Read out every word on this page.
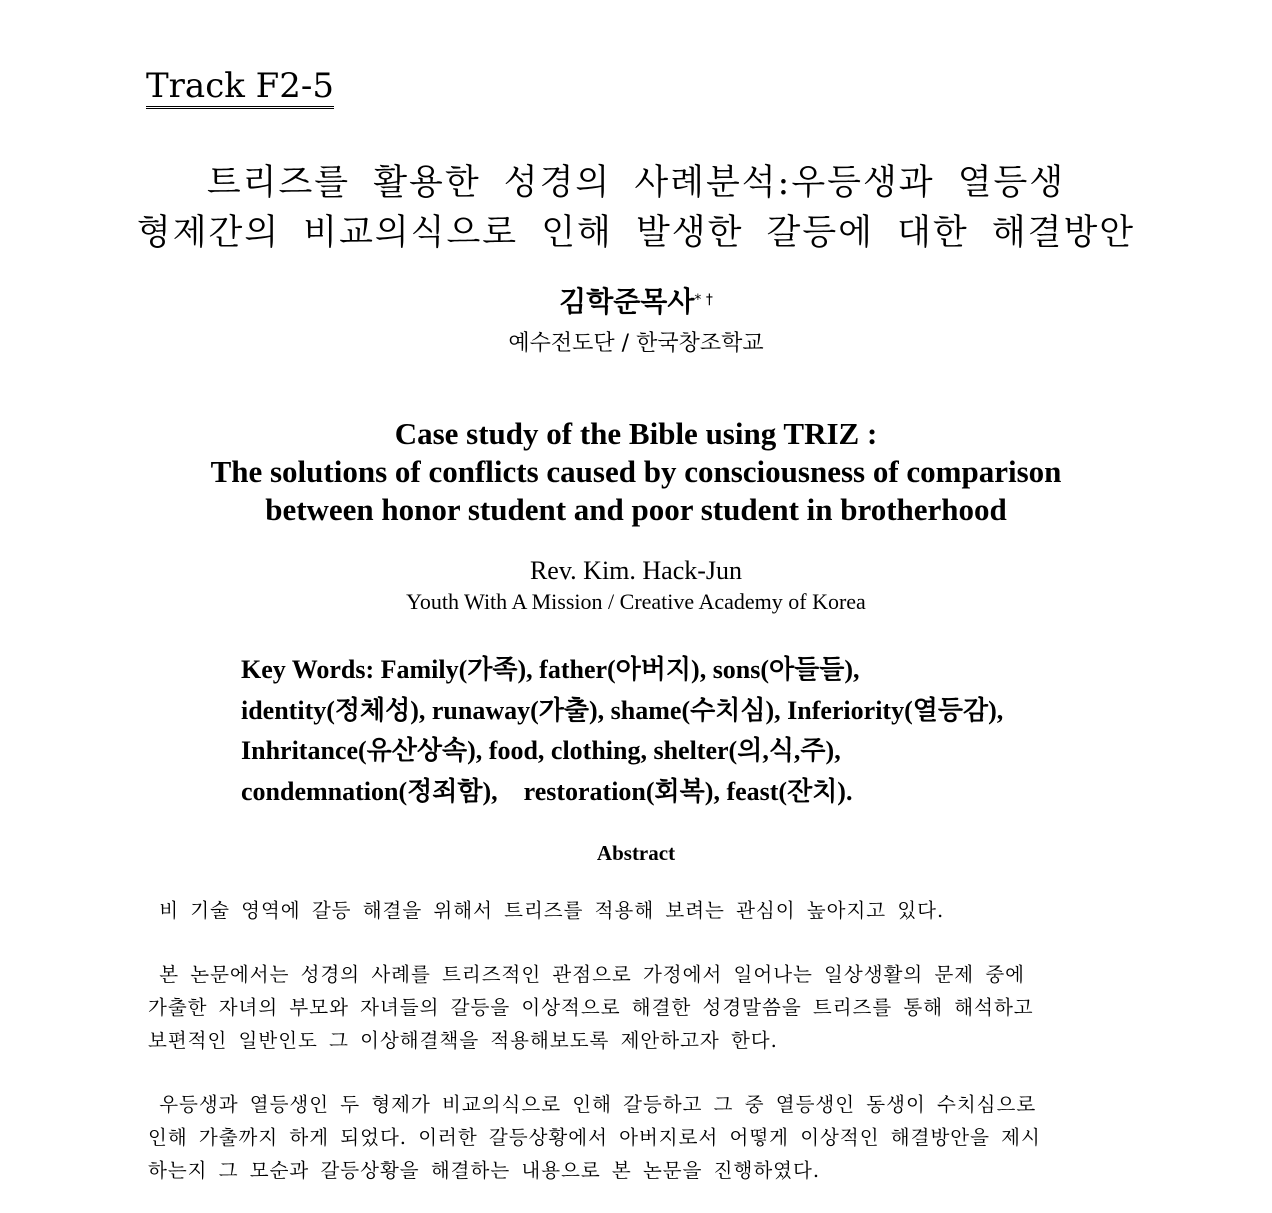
Track F2-5
트리즈를 활용한 성경의 사례분석:우등생과 열등생
형제간의 비교의식으로 인해 발생한 갈등에 대한 해결방안
김학준목사* †
예수전도단 / 한국창조학교
Case study of the Bible using TRIZ :
The solutions of conflicts caused by consciousness of comparison
between honor student and poor student in brotherhood
Rev. Kim. Hack-Jun
Youth With A Mission / Creative Academy of Korea
Key Words: Family(가족), father(아버지), sons(아들들),
identity(정체성), runaway(가출), shame(수치심), Inferiority(열등감),
Inhritance(유산상속), food, clothing, shelter(의,식,주),
condemnation(정죄함),    restoration(회복), feast(잔치).
Abstract
비 기술 영역에 갈등 해결을 위해서 트리즈를 적용해 보려는 관심이 높아지고 있다.
본 논문에서는 성경의 사례를 트리즈적인 관점으로 가정에서 일어나는 일상생활의 문제 중에
가출한 자녀의 부모와 자녀들의 갈등을 이상적으로 해결한 성경말씀을 트리즈를 통해 해석하고
보편적인 일반인도 그 이상해결책을 적용해보도록 제안하고자 한다.
우등생과 열등생인 두 형제가 비교의식으로 인해 갈등하고 그 중 열등생인 동생이 수치심으로
인해 가출까지 하게 되었다. 이러한 갈등상황에서 아버지로서 어떻게 이상적인 해결방안을 제시
하는지 그 모순과 갈등상황을 해결하는 내용으로 본 논문을 진행하였다.
